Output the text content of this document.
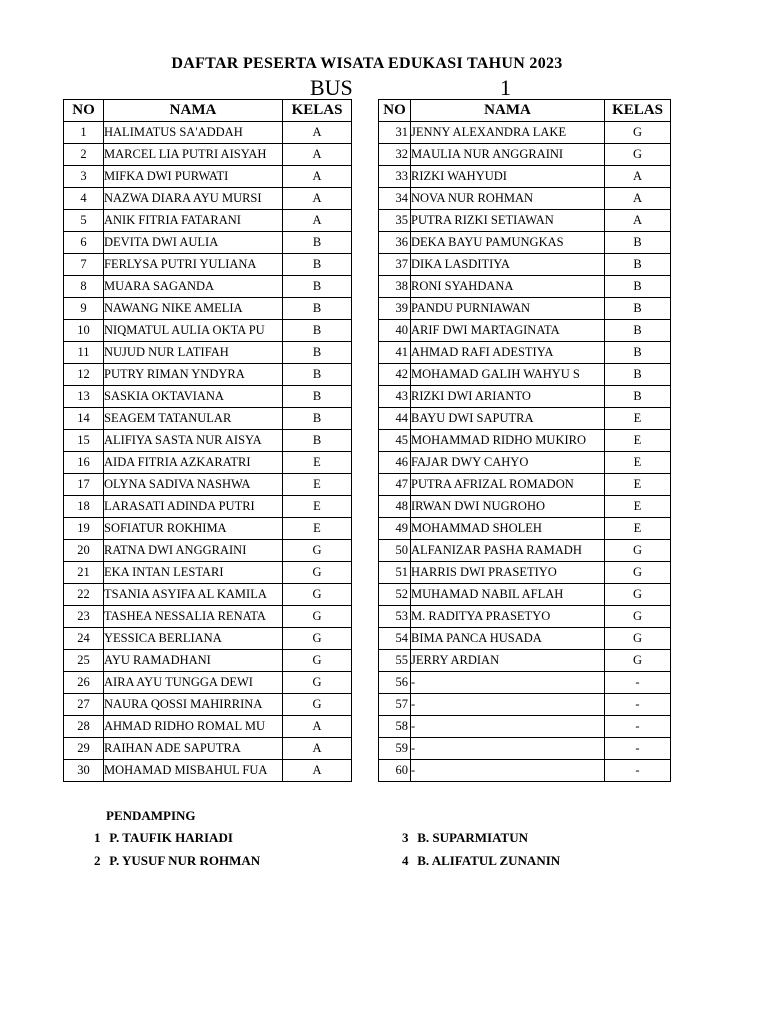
DAFTAR PESERTA WISATA EDUKASI TAHUN 2023
BUS	1
NO	NAMA	KELAS
1	HALIMATUS SA'ADDAH	A
2	MARCEL LIA PUTRI AISYAH	A
3	MIFKA DWI PURWATI	A
4	NAZWA DIARA AYU MURSI	A
5	ANIK FITRIA FATARANI	A
6	DEVITA DWI AULIA	B
7	FERLYSA PUTRI YULIANA	B
8	MUARA SAGANDA	B
9	NAWANG NIKE AMELIA	B
10	NIQMATUL AULIA OKTA PU	B
11	NUJUD NUR LATIFAH	B
12	PUTRY RIMAN YNDYRA	B
13	SASKIA OKTAVIANA	B
14	SEAGEM TATANULAR	B
15	ALIFIYA SASTA NUR AISYA	B
16	AIDA FITRIA AZKARATRI	E
17	OLYNA SADIVA NASHWA	E
18	LARASATI ADINDA PUTRI	E
19	SOFIATUR ROKHIMA	E
20	RATNA DWI ANGGRAINI	G
21	EKA INTAN LESTARI	G
22	TSANIA ASYIFA AL KAMILA	G
23	TASHEA NESSALIA RENATA	G
24	YESSICA BERLIANA	G
25	AYU RAMADHANI	G
26	AIRA AYU TUNGGA DEWI	G
27	NAURA QOSSI MAHIRRINA	G
28	AHMAD RIDHO ROMAL MU	A
29	RAIHAN ADE SAPUTRA	A
30	MOHAMAD MISBAHUL FUA	A
NO	NAMA	KELAS
31	JENNY ALEXANDRA LAKE	G
32	MAULIA NUR ANGGRAINI	G
33	RIZKI WAHYUDI	A
34	NOVA NUR ROHMAN	A
35	PUTRA RIZKI SETIAWAN	A
36	DEKA BAYU PAMUNGKAS	B
37	DIKA LASDITIYA	B
38	RONI SYAHDANA	B
39	PANDU PURNIAWAN	B
40	ARIF DWI MARTAGINATA	B
41	AHMAD RAFI ADESTIYA	B
42	MOHAMAD GALIH WAHYU S	B
43	RIZKI DWI ARIANTO	B
44	BAYU DWI SAPUTRA	E
45	MOHAMMAD RIDHO MUKIRO	E
46	FAJAR DWY CAHYO	E
47	PUTRA AFRIZAL ROMADON	E
48	IRWAN DWI NUGROHO	E
49	MOHAMMAD SHOLEH	E
50	ALFANIZAR PASHA RAMADH	G
51	HARRIS DWI PRASETIYO	G
52	MUHAMAD NABIL AFLAH	G
53	M. RADITYA PRASETYO	G
54	BIMA PANCA HUSADA	G
55	JERRY ARDIAN	G
56	-	-
57	-	-
58	-	-
59	-	-
60	-	-
PENDAMPING
1 P. TAUFIK HARIADI
2 P. YUSUF NUR ROHMAN
3 B. SUPARMIATUN
4 B. ALIFATUL ZUNANIN
